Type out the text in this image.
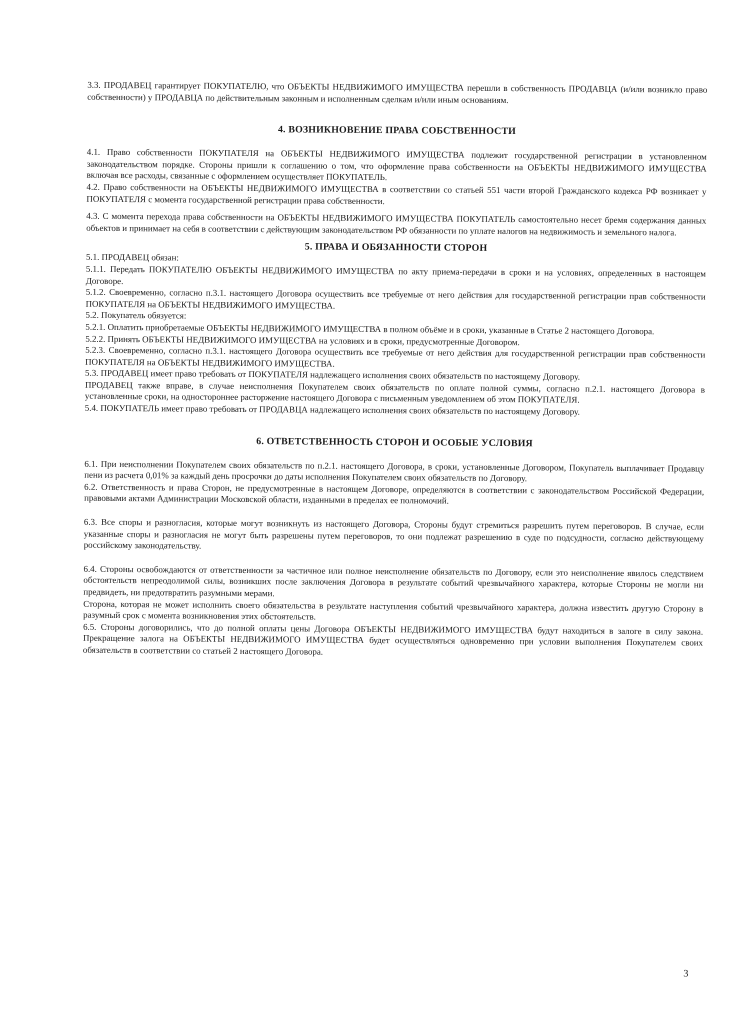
3.3. ПРОДАВЕЦ гарантирует ПОКУПАТЕЛЮ, что ОБЪЕКТЫ НЕДВИЖИМОГО ИМУЩЕСТВА перешли в собственность ПРОДАВЦА (и/или возникло право собственности) у ПРОДАВЦА по действительным законным и исполненным сделкам и/или иным основаниям.

4. ВОЗНИКНОВЕНИЕ ПРАВА СОБСТВЕННОСТИ

4.1. Право собственности ПОКУПАТЕЛЯ на ОБЪЕКТЫ НЕДВИЖИМОГО ИМУЩЕСТВА подлежит государственной регистрации в установленном законодательством порядке. Стороны пришли к соглашению о том, что оформление права собственности на ОБЪЕКТЫ НЕДВИЖИМОГО ИМУЩЕСТВА включая все расходы, связанные с оформлением осуществляет ПОКУПАТЕЛЬ.

4.2. Право собственности на ОБЪЕКТЫ НЕДВИЖИМОГО ИМУЩЕСТВА в соответствии со статьей 551 части второй Гражданского кодекса РФ возникает у ПОКУПАТЕЛЯ с момента государственной регистрации права собственности.

4.3. С момента перехода права собственности на ОБЪЕКТЫ НЕДВИЖИМОГО ИМУЩЕСТВА ПОКУПАТЕЛЬ самостоятельно несет бремя содержания данных объектов и принимает на себя в соответствии с действующим законодательством РФ обязанности по уплате налогов на недвижимость и земельного налога.

5. ПРАВА И ОБЯЗАННОСТИ СТОРОН

5.1. ПРОДАВЕЦ обязан:

5.1.1. Передать ПОКУПАТЕЛЮ ОБЪЕКТЫ НЕДВИЖИМОГО ИМУЩЕСТВА по акту приема-передачи в сроки и на условиях, определенных в настоящем Договоре.

5.1.2. Своевременно, согласно п.3.1. настоящего Договора осуществить все требуемые от него действия для государственной регистрации прав собственности ПОКУПАТЕЛЯ на ОБЪЕКТЫ НЕДВИЖИМОГО ИМУЩЕСТВА.

5.2. Покупатель обязуется:

5.2.1. Оплатить приобретаемые ОБЪЕКТЫ НЕДВИЖИМОГО ИМУЩЕСТВА в полном объёме и в сроки, указанные в Статье 2 настоящего Договора.

5.2.2. Принять ОБЪЕКТЫ НЕДВИЖИМОГО ИМУЩЕСТВА на условиях и в сроки, предусмотренные Договором.

5.2.3. Своевременно, согласно п.3.1. настоящего Договора осуществить все требуемые от него действия для государственной регистрации прав собственности ПОКУПАТЕЛЯ на ОБЪЕКТЫ НЕДВИЖИМОГО ИМУЩЕСТВА.

5.3. ПРОДАВЕЦ имеет право требовать от ПОКУПАТЕЛЯ надлежащего исполнения своих обязательств по настоящему Договору.

ПРОДАВЕЦ также вправе, в случае неисполнения Покупателем своих обязательств по оплате полной суммы, согласно п.2.1. настоящего Договора в установленные сроки, на одностороннее расторжение настоящего Договора с письменным уведомлением об этом ПОКУПАТЕЛЯ.

5.4. ПОКУПАТЕЛЬ имеет право требовать от ПРОДАВЦА надлежащего исполнения своих обязательств по настоящему Договору.

6. ОТВЕТСТВЕННОСТЬ СТОРОН И ОСОБЫЕ УСЛОВИЯ

6.1. При неисполнении Покупателем своих обязательств по п.2.1. настоящего Договора, в сроки, установленные Договором, Покупатель выплачивает Продавцу пени из расчета 0,01% за каждый день просрочки до даты исполнения Покупателем своих обязательств по Договору.

6.2. Ответственность и права Сторон, не предусмотренные в настоящем Договоре, определяются в соответствии с законодательством Российской Федерации, правовыми актами Администрации Московской области, изданными в пределах ее полномочий.

6.3. Все споры и разногласия, которые могут возникнуть из настоящего Договора, Стороны будут стремиться разрешить путем переговоров. В случае, если указанные споры и разногласия не могут быть разрешены путем переговоров, то они подлежат разрешению в суде по подсудности, согласно действующему российскому законодательству.

6.4. Стороны освобождаются от ответственности за частичное или полное неисполнение обязательств по Договору, если это неисполнение явилось следствием обстоятельств непреодолимой силы, возникших после заключения Договора в результате событий чрезвычайного характера, которые Стороны не могли ни предвидеть, ни предотвратить разумными мерами.

Сторона, которая не может исполнить своего обязательства в результате наступления событий чрезвычайного характера, должна известить другую Сторону в разумный срок с момента возникновения этих обстоятельств.

6.5. Стороны договорились, что до полной оплаты цены Договора ОБЪЕКТЫ НЕДВИЖИМОГО ИМУЩЕСТВА будут находиться в залоге в силу закона. Прекращение залога на ОБЪЕКТЫ НЕДВИЖИМОГО ИМУЩЕСТВА будет осуществляться одновременно при условии выполнения Покупателем своих обязательств в соответствии со статьей 2 настоящего Договора.

3
